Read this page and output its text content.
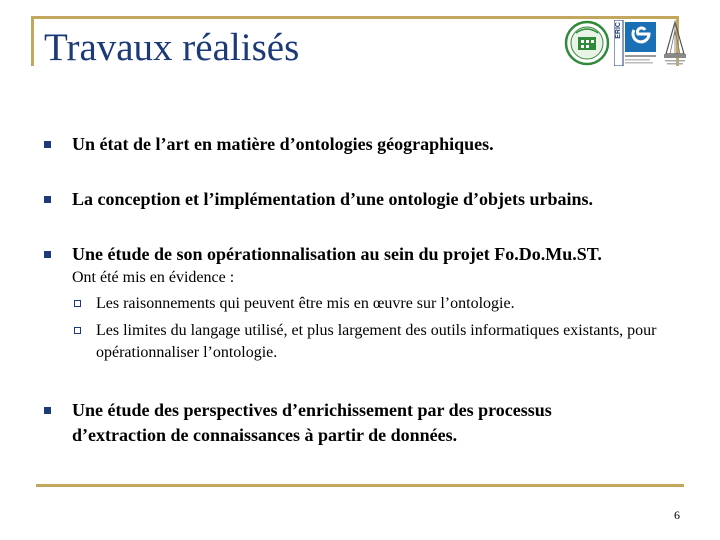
Travaux réalisés	ERIC
Un état de l’art en matière d’ontologies géographiques.
La conception et l’implémentation d’une ontologie d’objets urbains.
Une étude de son opérationnalisation au sein du projet Fo.Do.Mu.ST.
Ont été mis en évidence :
Les raisonnements qui peuvent être mis en œuvre sur l’ontologie.
Les limites du langage utilisé, et plus largement des outils informatiques existants, pour opérationnaliser l’ontologie.
Une étude des perspectives d’enrichissement par des processus d’extraction de connaissances à partir de données.
6
